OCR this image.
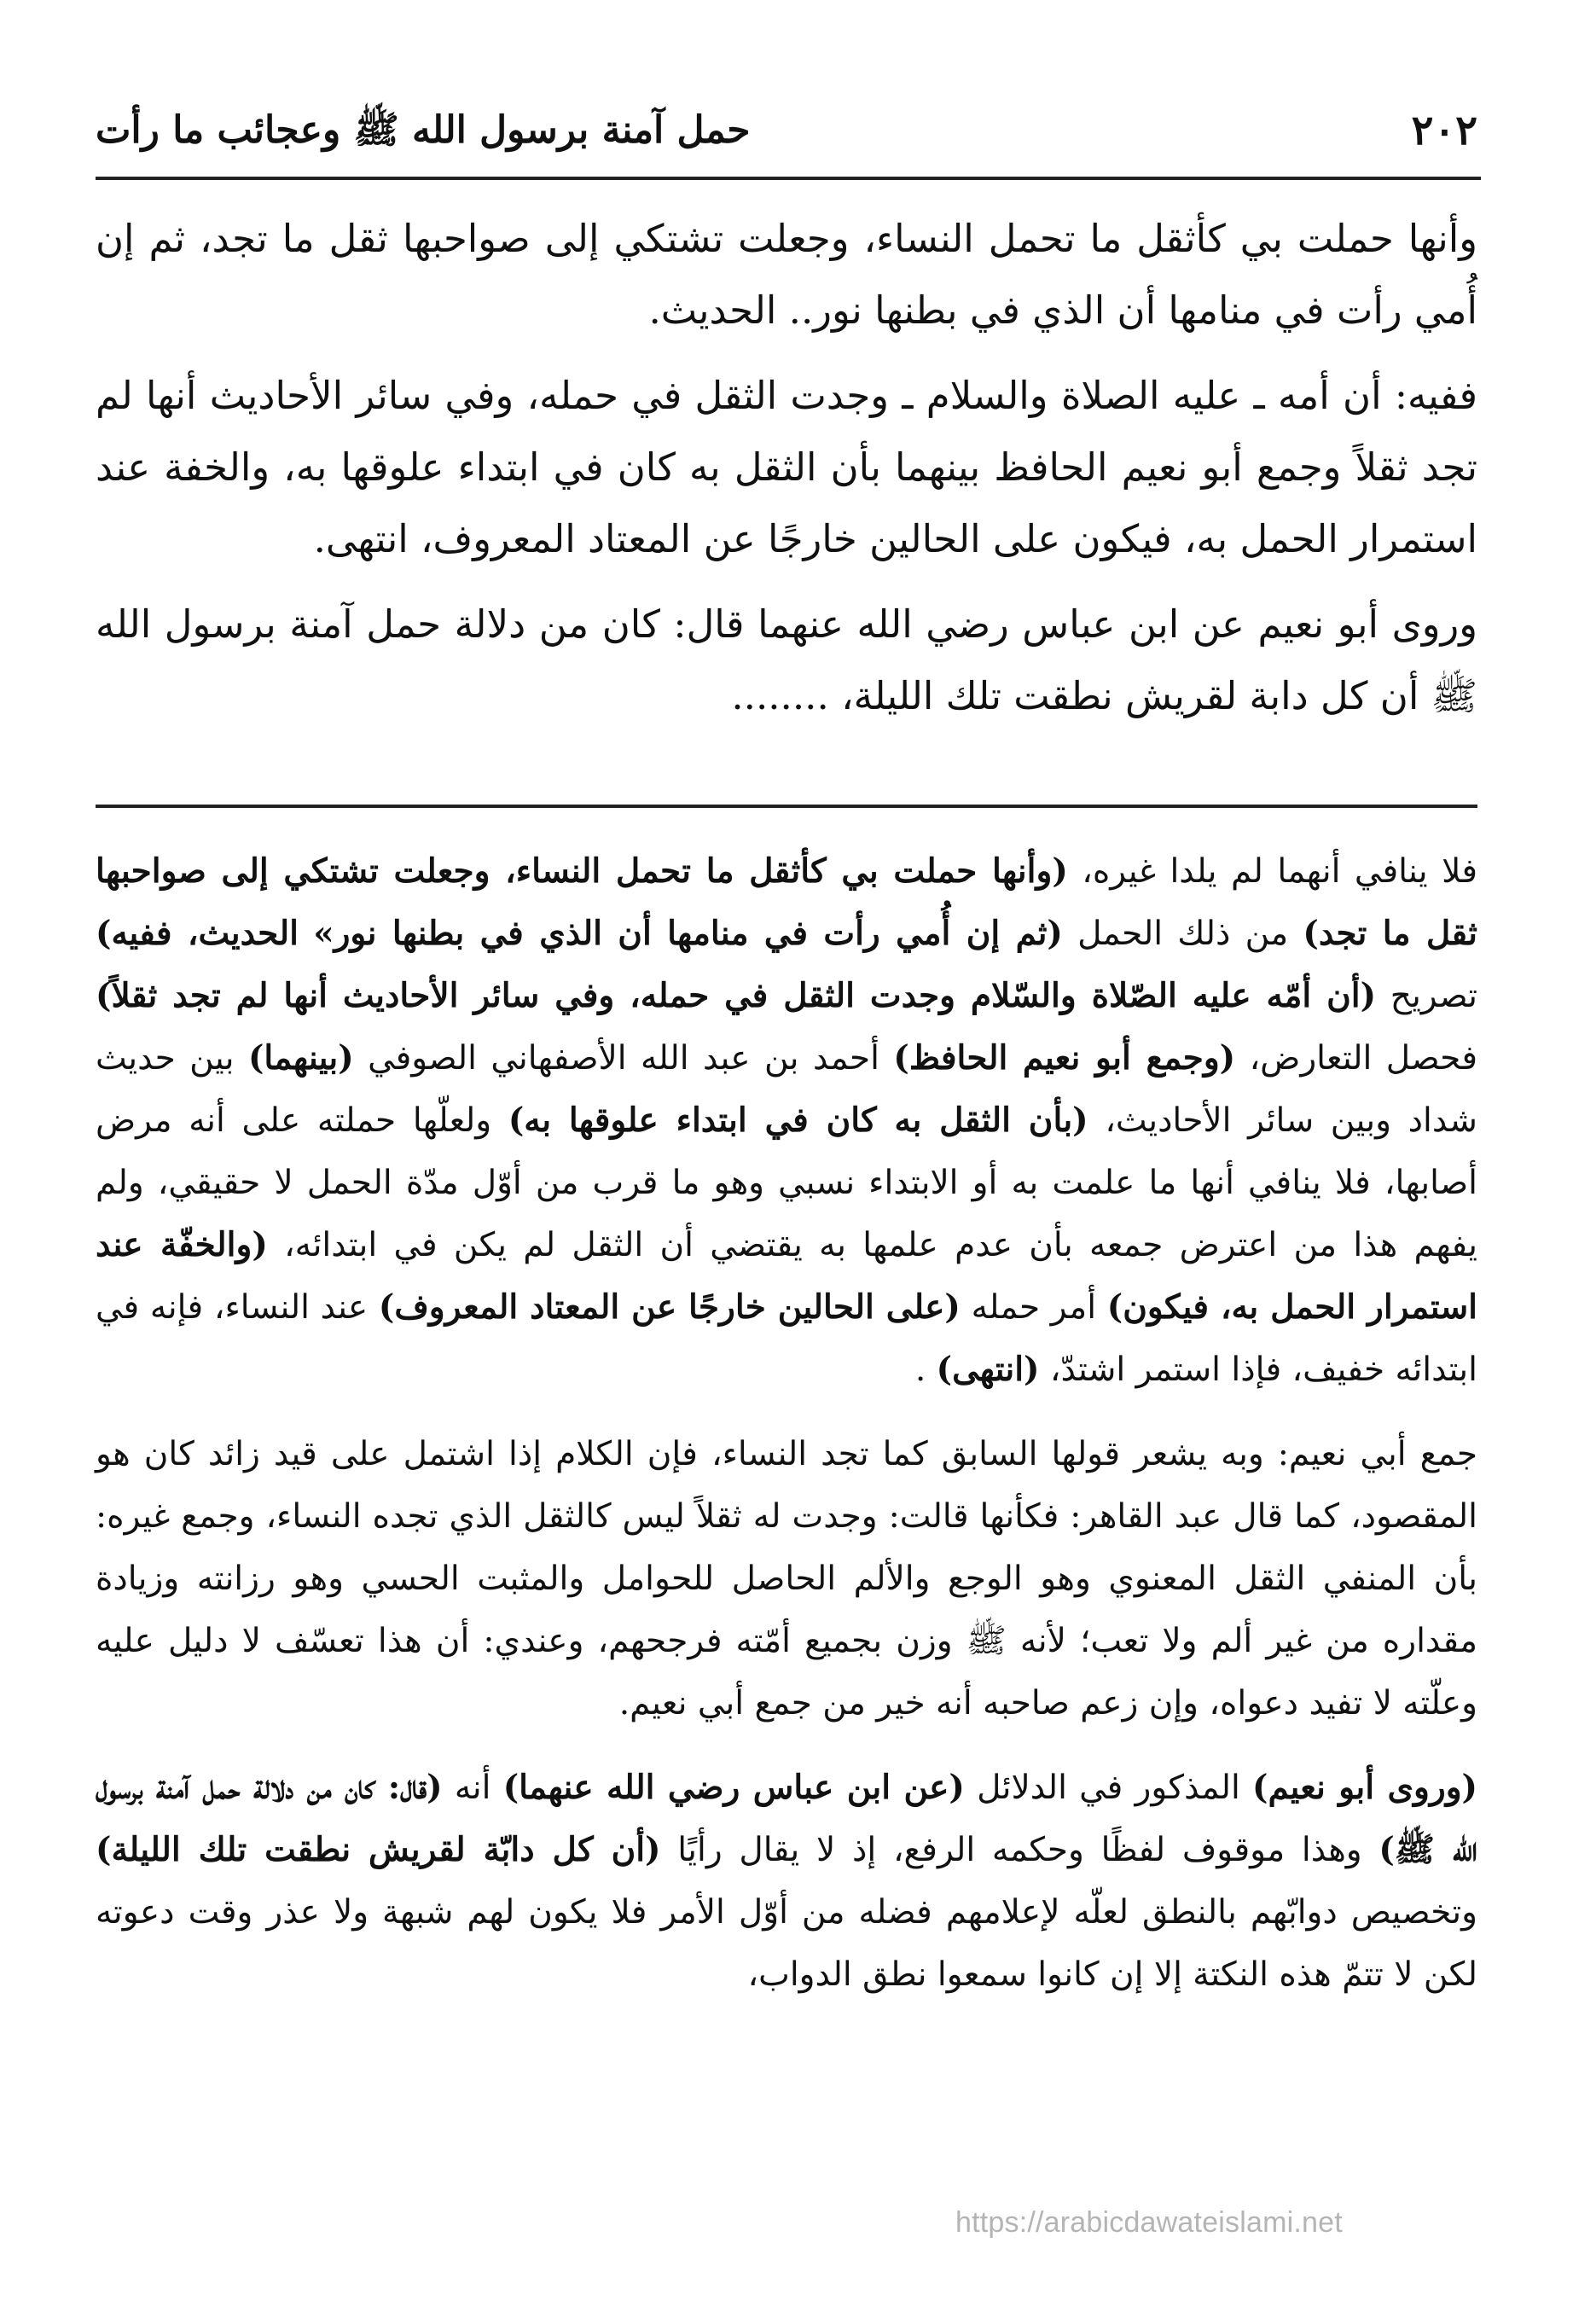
٢٠٢
حمل آمنة برسول الله ﷺ وعجائب ما رأت

وأنها حملت بي كأثقل ما تحمل النساء، وجعلت تشتكي إلى صواحبها ثقل ما تجد، ثم إن أُمي رأت في منامها أن الذي في بطنها نور.. الحديث.

ففيه: أن أمه ـ عليه الصلاة والسلام ـ وجدت الثقل في حمله، وفي سائر الأحاديث أنها لم تجد ثقلاً وجمع أبو نعيم الحافظ بينهما بأن الثقل به كان في ابتداء علوقها به، والخفة عند استمرار الحمل به، فيكون على الحالين خارجًا عن المعتاد المعروف، انتهى.

وروى أبو نعيم عن ابن عباس رضي الله عنهما قال: كان من دلالة حمل آمنة برسول الله ﷺ أن كل دابة لقريش نطقت تلك الليلة، ........

فلا ينافي أنهما لم يلدا غيره، (وأنها حملت بي كأثقل ما تحمل النساء، وجعلت تشتكي إلى صواحبها ثقل ما تجد) من ذلك الحمل (ثم إن أُمي رأت في منامها أن الذي في بطنها نور» الحديث، ففيه) تصريح (أن أمّه عليه الصّلاة والسّلام وجدت الثقل في حمله، وفي سائر الأحاديث أنها لم تجد ثقلاً) فحصل التعارض، (وجمع أبو نعيم الحافظ) أحمد بن عبد الله الأصفهاني الصوفي (بينهما) بين حديث شداد وبين سائر الأحاديث، (بأن الثقل به كان في ابتداء علوقها به) ولعلّها حملته على أنه مرض أصابها، فلا ينافي أنها ما علمت به أو الابتداء نسبي وهو ما قرب من أوّل مدّة الحمل لا حقيقي، ولم يفهم هذا من اعترض جمعه بأن عدم علمها به يقتضي أن الثقل لم يكن في ابتدائه، (والخفّة عند استمرار الحمل به، فيكون) أمر حمله (على الحالين خارجًا عن المعتاد المعروف) عند النساء، فإنه في ابتدائه خفيف، فإذا استمر اشتدّ، (انتهى) .

جمع أبي نعيم: وبه يشعر قولها السابق كما تجد النساء، فإن الكلام إذا اشتمل على قيد زائد كان هو المقصود، كما قال عبد القاهر: فكأنها قالت: وجدت له ثقلاً ليس كالثقل الذي تجده النساء، وجمع غيره: بأن المنفي الثقل المعنوي وهو الوجع والألم الحاصل للحوامل والمثبت الحسي وهو رزانته وزيادة مقداره من غير ألم ولا تعب؛ لأنه ﷺ وزن بجميع أمّته فرجحهم، وعندي: أن هذا تعسّف لا دليل عليه وعلّته لا تفيد دعواه، وإن زعم صاحبه أنه خير من جمع أبي نعيم.

(وروى أبو نعيم) المذكور في الدلائل (عن ابن عباس رضي الله عنهما) أنه (قال: كان من دلالة حمل آمنة برسول الله ﷺ) وهذا موقوف لفظًا وحكمه الرفع، إذ لا يقال رأيًا (أن كل دابّة لقريش نطقت تلك الليلة) وتخصيص دوابّهم بالنطق لعلّه لإعلامهم فضله من أوّل الأمر فلا يكون لهم شبهة ولا عذر وقت دعوته لكن لا تتمّ هذه النكتة إلا إن كانوا سمعوا نطق الدواب،

https://arabicdawateislami.net
